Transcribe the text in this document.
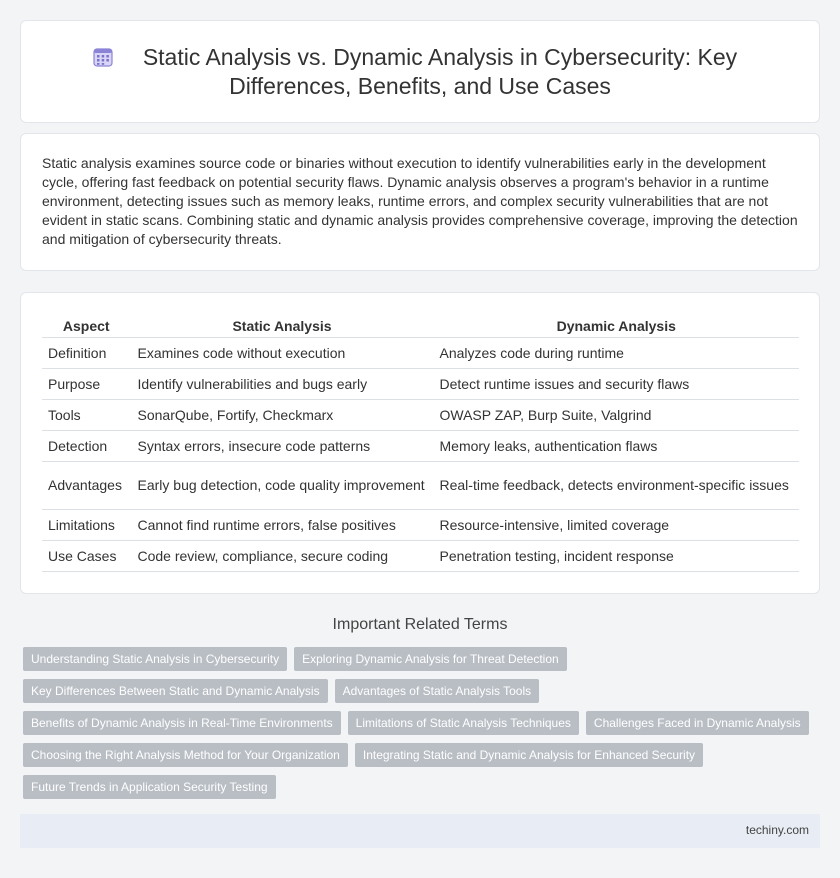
Static Analysis vs. Dynamic Analysis in Cybersecurity: Key
Differences, Benefits, and Use Cases

Static analysis examines source code or binaries without execution to identify vulnerabilities early in the development cycle, offering fast feedback on potential security flaws. Dynamic analysis observes a program's behavior in a runtime environment, detecting issues such as memory leaks, runtime errors, and complex security vulnerabilities that are not evident in static scans. Combining static and dynamic analysis provides comprehensive coverage, improving the detection and mitigation of cybersecurity threats.

Aspect	Static Analysis	Dynamic Analysis
Definition	Examines code without execution	Analyzes code during runtime
Purpose	Identify vulnerabilities and bugs early	Detect runtime issues and security flaws
Tools	SonarQube, Fortify, Checkmarx	OWASP ZAP, Burp Suite, Valgrind
Detection	Syntax errors, insecure code patterns	Memory leaks, authentication flaws
Advantages	Early bug detection, code quality improvement	Real-time feedback, detects environment-specific issues
Limitations	Cannot find runtime errors, false positives	Resource-intensive, limited coverage
Use Cases	Code review, compliance, secure coding	Penetration testing, incident response
Important Related Terms
Understanding Static Analysis in Cybersecurity	Exploring Dynamic Analysis for Threat Detection
Key Differences Between Static and Dynamic Analysis	Advantages of Static Analysis Tools
Benefits of Dynamic Analysis in Real-Time Environments	Limitations of Static Analysis Techniques	Challenges Faced in Dynamic Analysis
Choosing the Right Analysis Method for Your Organization	Integrating Static and Dynamic Analysis for Enhanced Security
Future Trends in Application Security Testing
techiny.com
